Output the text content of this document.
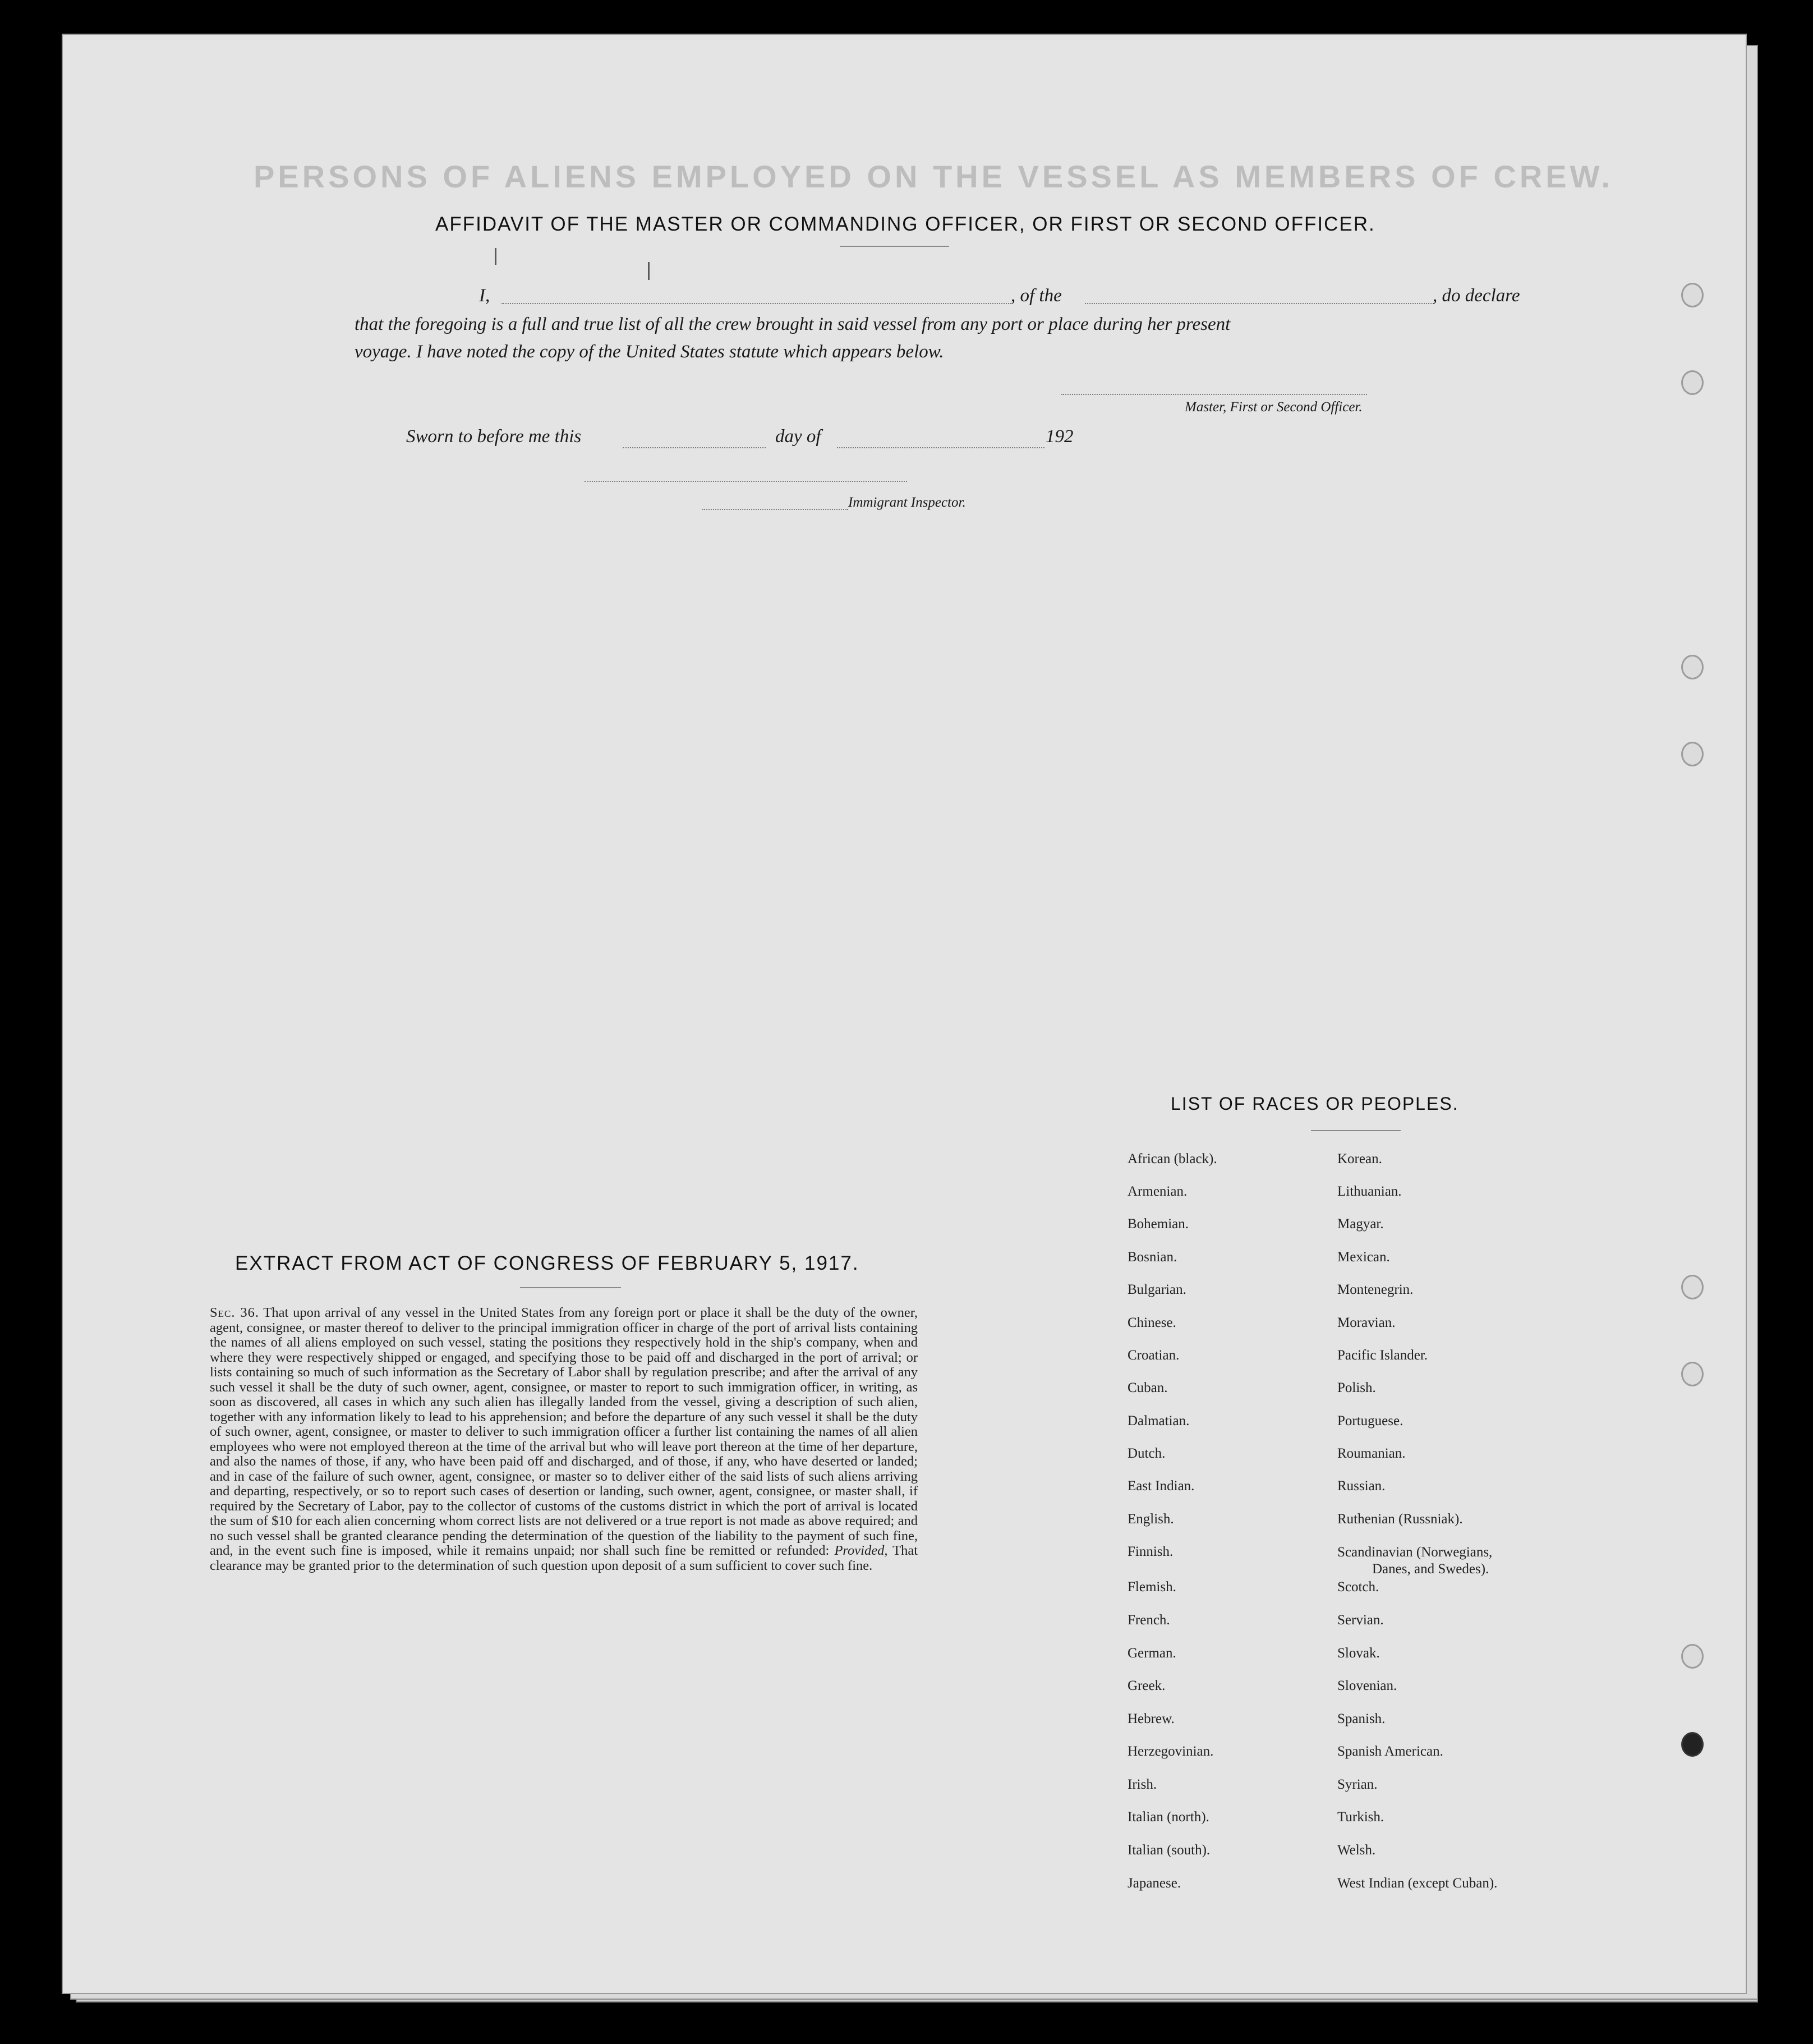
PERSONS OF ALIENS EMPLOYED ON THE VESSEL AS MEMBERS OF CREW.
AFFIDAVIT OF THE MASTER OR COMMANDING OFFICER, OR FIRST OR SECOND OFFICER.
I,	, of the	, do declare
that the foregoing is a full and true list of all the crew brought in said vessel from any port or place during her present
voyage. I have noted the copy of the United States statute which appears below.
Master, First or Second Officer.
Sworn to before me this	day of	192
Immigrant Inspector.
EXTRACT FROM ACT OF CONGRESS OF FEBRUARY 5, 1917.
Sec. 36. That upon arrival of any vessel in the United States from any foreign port or place it shall be the duty of the owner, agent, consignee, or master thereof to deliver to the principal immigration officer in charge of the port of arrival lists containing the names of all aliens employed on such vessel, stating the positions they respectively hold in the ship's company, when and where they were respectively shipped or engaged, and specifying those to be paid off and discharged in the port of arrival; or lists containing so much of such information as the Secretary of Labor shall by regulation prescribe; and after the arrival of any such vessel it shall be the duty of such owner, agent, consignee, or master to report to such immigration officer, in writing, as soon as discovered, all cases in which any such alien has illegally landed from the vessel, giving a description of such alien, together with any information likely to lead to his apprehension; and before the departure of any such vessel it shall be the duty of such owner, agent, consignee, or master to deliver to such immigration officer a further list containing the names of all alien employees who were not employed thereon at the time of the arrival but who will leave port thereon at the time of her departure, and also the names of those, if any, who have been paid off and discharged, and of those, if any, who have deserted or landed; and in case of the failure of such owner, agent, consignee, or master so to deliver either of the said lists of such aliens arriving and departing, respectively, or so to report such cases of desertion or landing, such owner, agent, consignee, or master shall, if required by the Secretary of Labor, pay to the collector of customs of the customs district in which the port of arrival is located the sum of $10 for each alien concerning whom correct lists are not delivered or a true report is not made as above required; and no such vessel shall be granted clearance pending the determination of the question of the liability to the payment of such fine, and, in the event such fine is imposed, while it remains unpaid; nor shall such fine be remitted or refunded: Provided, That clearance may be granted prior to the determination of such question upon deposit of a sum sufficient to cover such fine.
LIST OF RACES OR PEOPLES.
African (black).
Armenian.
Bohemian.
Bosnian.
Bulgarian.
Chinese.
Croatian.
Cuban.
Dalmatian.
Dutch.
East Indian.
English.
Finnish.
Flemish.
French.
German.
Greek.
Hebrew.
Herzegovinian.
Irish.
Italian (north).
Italian (south).
Japanese.
Korean.
Lithuanian.
Magyar.
Mexican.
Montenegrin.
Moravian.
Pacific Islander.
Polish.
Portuguese.
Roumanian.
Russian.
Ruthenian (Russniak).
Scandinavian (Norwegians,
Danes, and Swedes).
Scotch.
Servian.
Slovak.
Slovenian.
Spanish.
Spanish American.
Syrian.
Turkish.
Welsh.
West Indian (except Cuban).
